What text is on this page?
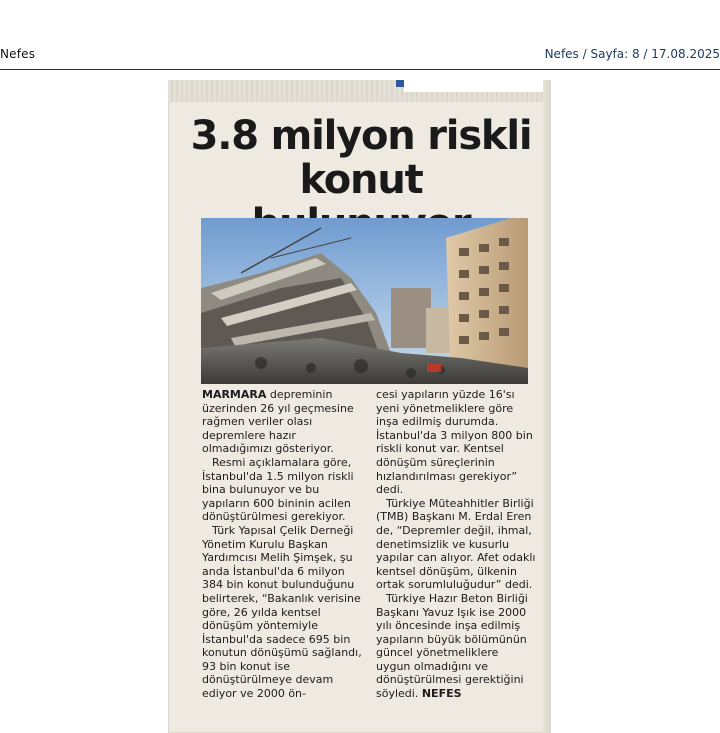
Nefes	Nefes / Sayfa: 8 / 17.08.2025
3.8 milyon riskli
konut

MARMARA depreminin üzerinden 26 yıl geçmesine rağmen veriler olası depremlere hazır olmadığımızı gösteriyor.

Resmi açıklamalara göre, İstanbul'da 1.5 milyon riskli bina bulunuyor ve bu yapıların 600 bininin acilen dönüştürülmesi gerekiyor.

Türk Yapısal Çelik Derneği Yönetim Kurulu Başkan Yardımcısı Melih Şimşek, şu anda İstanbul'da 6 milyon 384 bin konut bulunduğunu belirterek, “Bakanlık verisine göre, 26 yılda kentsel dönüşüm yöntemiyle İstanbul'da sadece 695 bin konutun dönüşümü sağlandı, 93 bin konut ise dönüştürülmeye devam ediyor ve 2000 ön-

cesi yapıların yüzde 16'sı yeni yönetmeliklere göre inşa edilmiş durumda. İstanbul'da 3 milyon 800 bin riskli konut var. Kentsel dönüşüm süreçlerinin hızlandırılması gerekiyor” dedi.

Türkiye Müteahhitler Birliği (TMB) Başkanı M. Erdal Eren de, “Depremler değil, ihmal, denetimsizlik ve kusurlu yapılar can alıyor. Afet odaklı kentsel dönüşüm, ülkenin ortak sorumluluğudur” dedi.

Türkiye Hazır Beton Birliği Başkanı Yavuz Işık ise 2000 yılı öncesinde inşa edilmiş yapıların büyük bölümünün güncel yönetmeliklere uygun olmadığını ve dönüştürülmesi gerektiğini söyledi. NEFES
